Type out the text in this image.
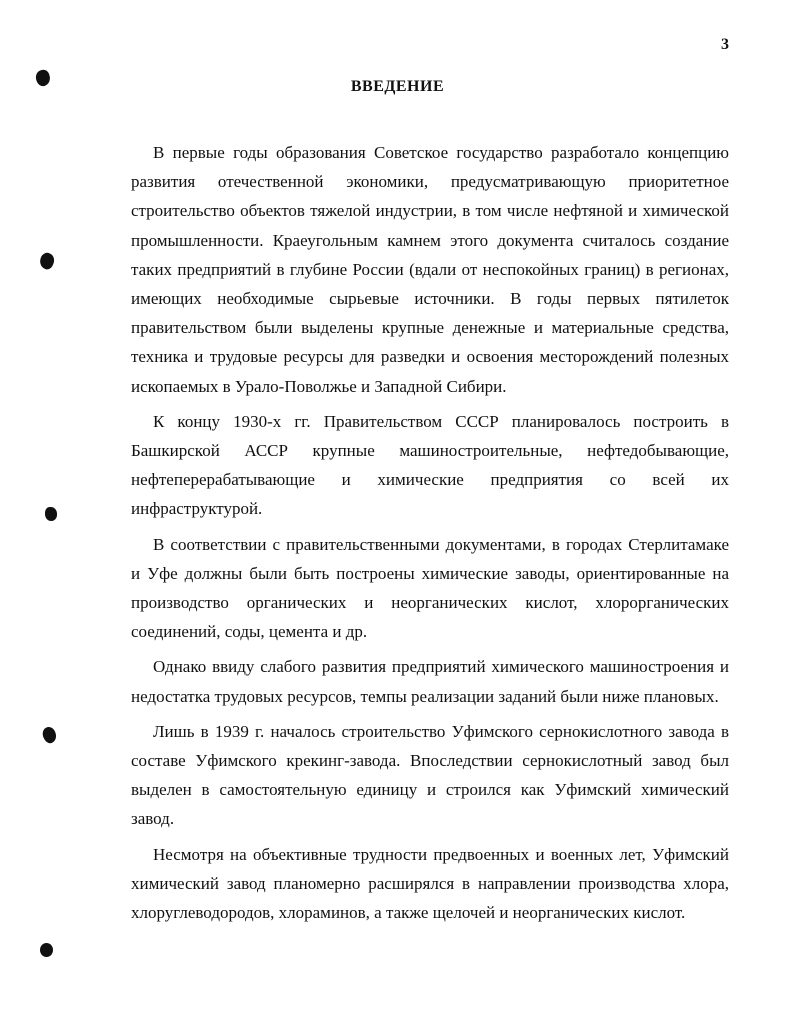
3
ВВЕДЕНИЕ

В первые годы образования Советское государство разработало концепцию развития отечественной экономики, предусматривающую приоритетное строительство объектов тяжелой индустрии, в том числе нефтяной и химической промышленности. Краеугольным камнем этого документа считалось создание таких предприятий в глубине России (вдали от неспокойных границ) в регионах, имеющих необходимые сырьевые источники. В годы первых пятилеток правительством были выделены крупные денежные и материальные средства, техника и трудовые ресурсы для разведки и освоения месторождений полезных ископаемых в Урало-Поволжье и Западной Сибири.

К концу 1930-х гг. Правительством СССР планировалось построить в Башкирской АССР крупные машиностроительные, нефтедобывающие, нефтеперерабатывающие и химические предприятия со всей их инфраструктурой.

В соответствии с правительственными документами, в городах Стерлитамаке и Уфе должны были быть построены химические заводы, ориентированные на производство органических и неорганических кислот, хлорорганических соединений, соды, цемента и др.

Однако ввиду слабого развития предприятий химического машиностроения и недостатка трудовых ресурсов, темпы реализации заданий были ниже плановых.

Лишь в 1939 г. началось строительство Уфимского сернокислотного завода в составе Уфимского крекинг-завода. Впоследствии сернокислотный завод был выделен в самостоятельную единицу и строился как Уфимский химический завод.

Несмотря на объективные трудности предвоенных и военных лет, Уфимский химический завод планомерно расширялся в направлении производства хлора, хлоруглеводородов, хлораминов, а также щелочей и неорганических кислот.
